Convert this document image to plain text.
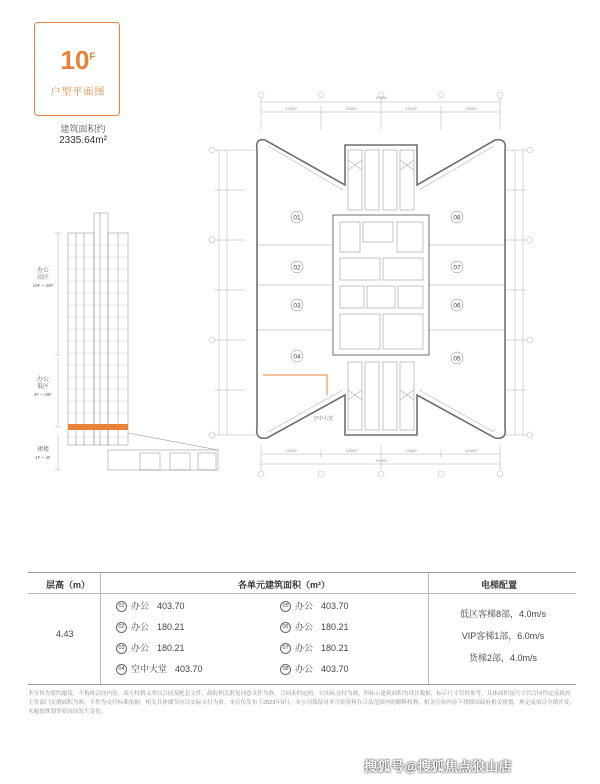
$10^F$
户型平面图
建筑面积约
2335.64m²
办公
高区
10F ~ 40F
办公
低区
3F ~ 29F
裙楼
1F ~ 4F
47400
12100	12000	12000	12100
01
02
03
04	05
06
07
08
空中大堂
12100	12000	12000	12100
47400
层高（m）	各单元建筑面积（m²）	电梯配置
4.43
01 办公 403.70
02 办公 180.21
03 办公 180.21
04 空中大堂 403.70
05 办公 403.70
06 办公 180.21
07 办公 180.21
08 办公 403.70
低区客梯8部，4.0m/s
VIP客梯1部，6.0m/s
货梯2部，4.0m/s
本宣传为要约邀请，不构成合同内容，双方权利义务以合同及配套文件、政府相关批复同意文件为准。合同未约定的，以实际交付为准。所标示建筑面积为设计数据，标示尺寸仅供参考，具体面积及尺寸以合同约定及政府主管部门实测面积为准，不作为交付标准依据。相关具体细节应以实际交付为准。本宣传发布于2023年9月，本公司保留对本宣传资料在合法范围内的解释权利。相关宣传内容不排除因政府相关规划、规定及项目分期开发、未履按规划等原因而发生变化。
搜狐号@搜狐焦点狼山店
